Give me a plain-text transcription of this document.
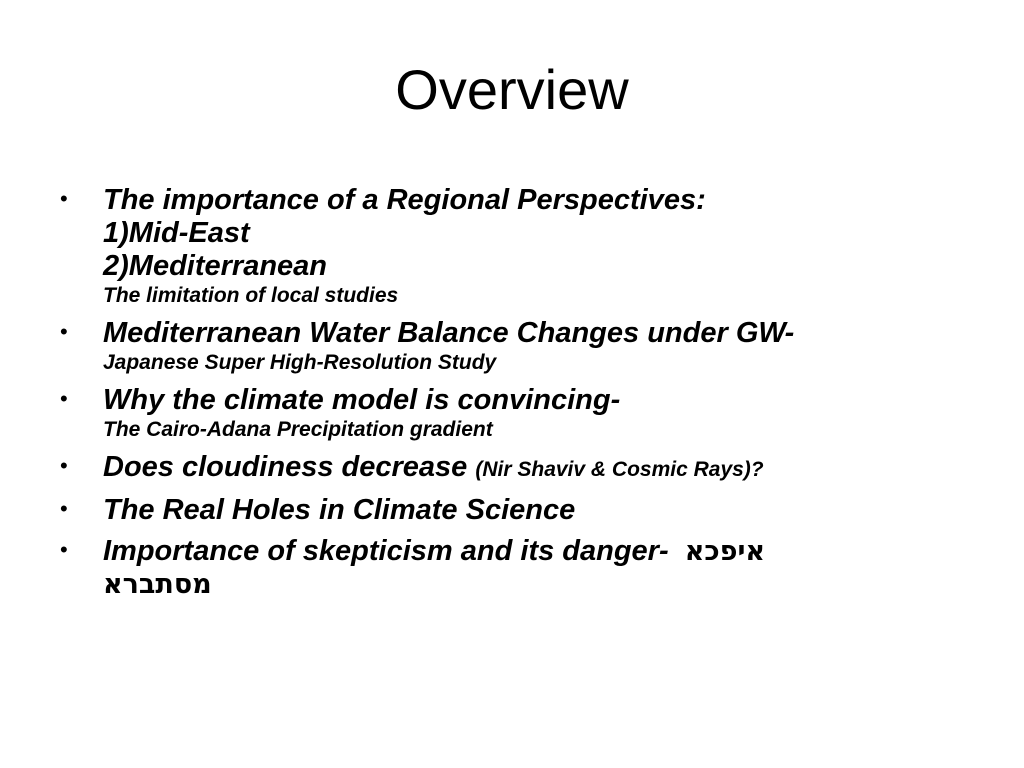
Overview
• The importance of a Regional Perspectives:
1)Mid-East
2)Mediterranean
The limitation of local studies
• Mediterranean Water Balance Changes under GW-
Japanese Super High-Resolution Study
• Why the climate model is convincing-
The Cairo-Adana Precipitation gradient
• Does cloudiness decrease (Nir Shaviv & Cosmic Rays)?
• The Real Holes in Climate Science
• Importance of skepticism and its danger- איפכא
מסתברא
